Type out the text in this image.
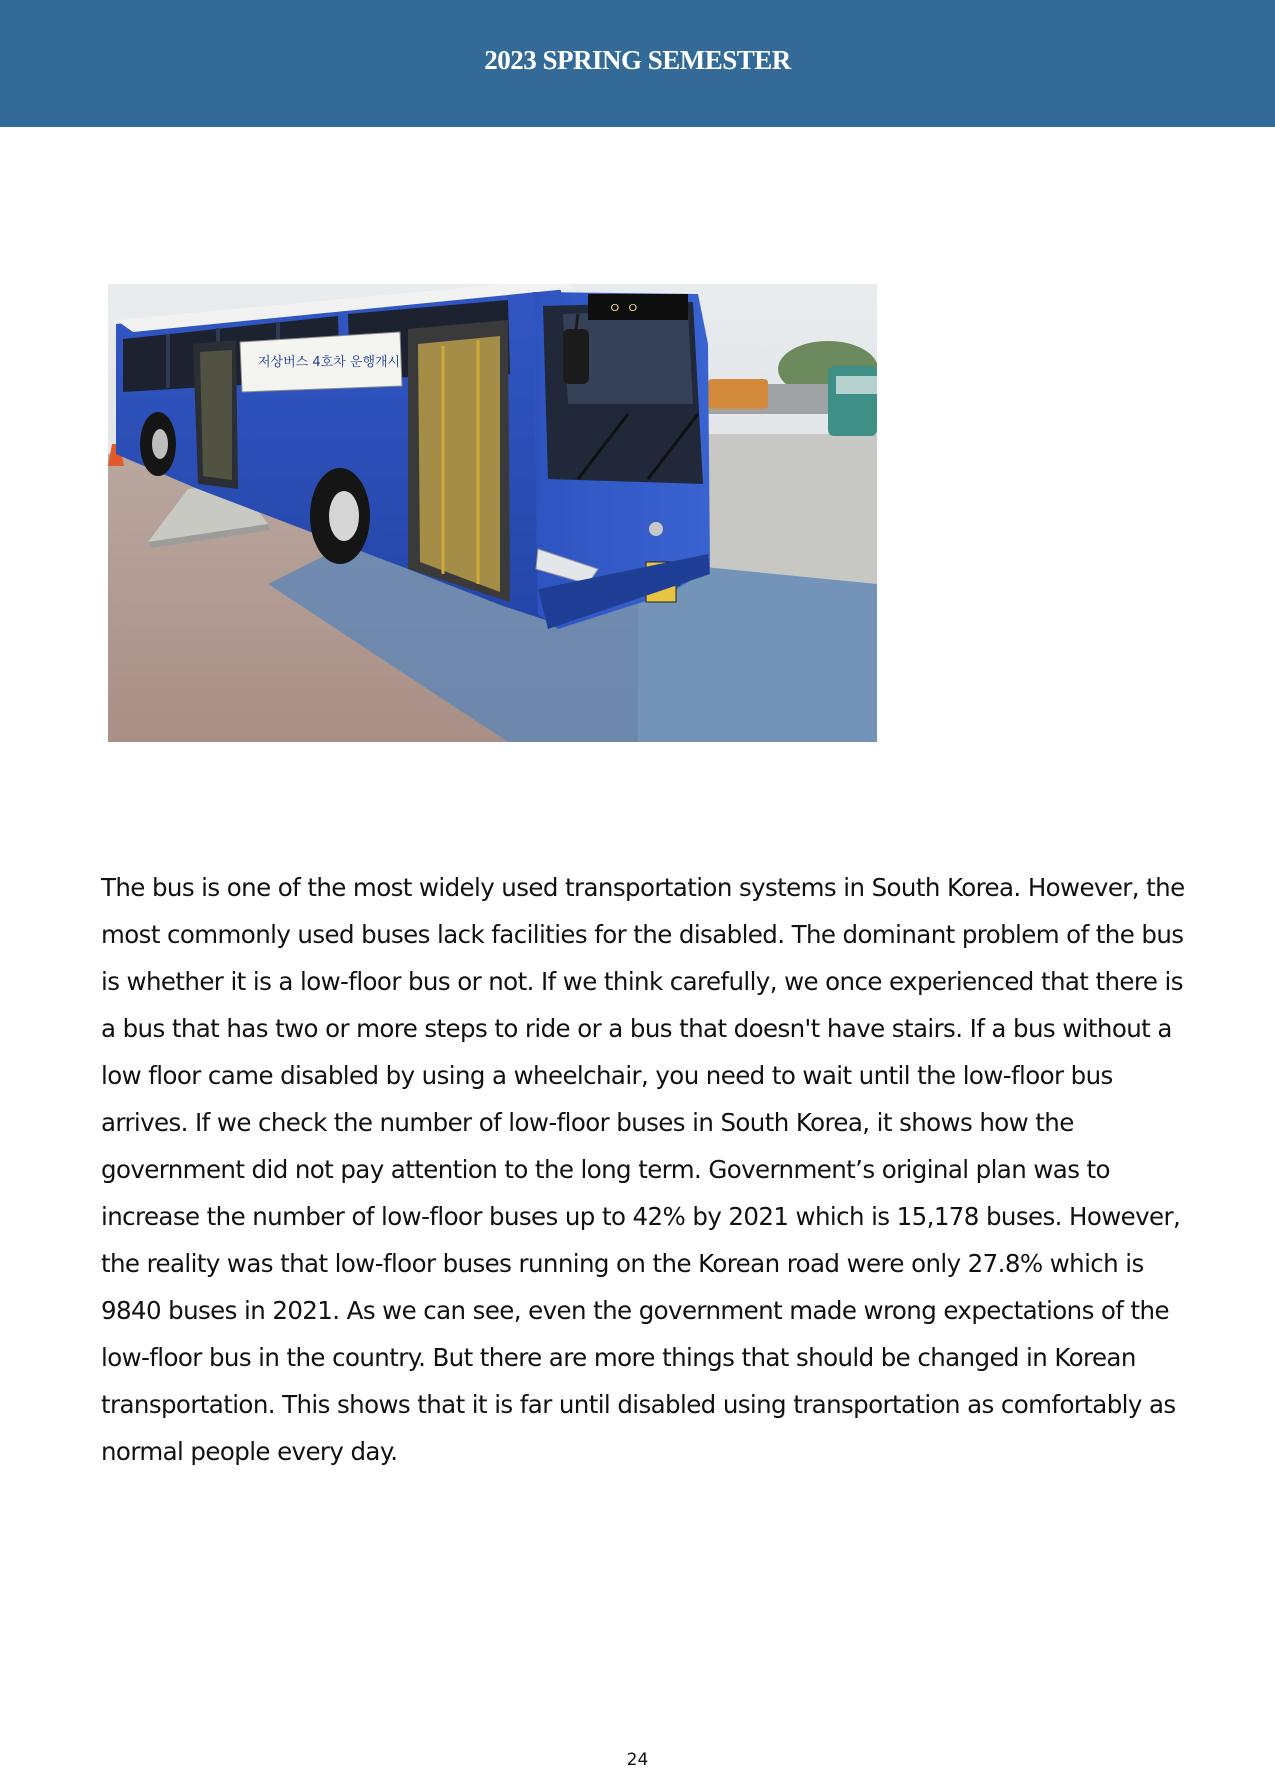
2023 SPRING SEMESTER
저상버스 4호차 운행개시
ㅇ ㅇ

The bus is one of the most widely used transportation systems in South Korea. However, the most commonly used buses lack facilities for the disabled. The dominant problem of the bus is whether it is a low-floor bus or not. If we think carefully, we once experienced that there is a bus that has two or more steps to ride or a bus that doesn't have stairs. If a bus without a low floor came disabled by using a wheelchair, you need to wait until the low-floor bus arrives. If we check the number of low-floor buses in South Korea, it shows how the government did not pay attention to the long term. Government’s original plan was to increase the number of low-floor buses up to 42% by 2021 which is 15,178 buses. However, the reality was that low-floor buses running on the Korean road were only 27.8% which is 9840 buses in 2021. As we can see, even the government made wrong expectations of the low-floor bus in the country. But there are more things that should be changed in Korean transportation. This shows that it is far until disabled using transportation as comfortably as normal people every day.

24
